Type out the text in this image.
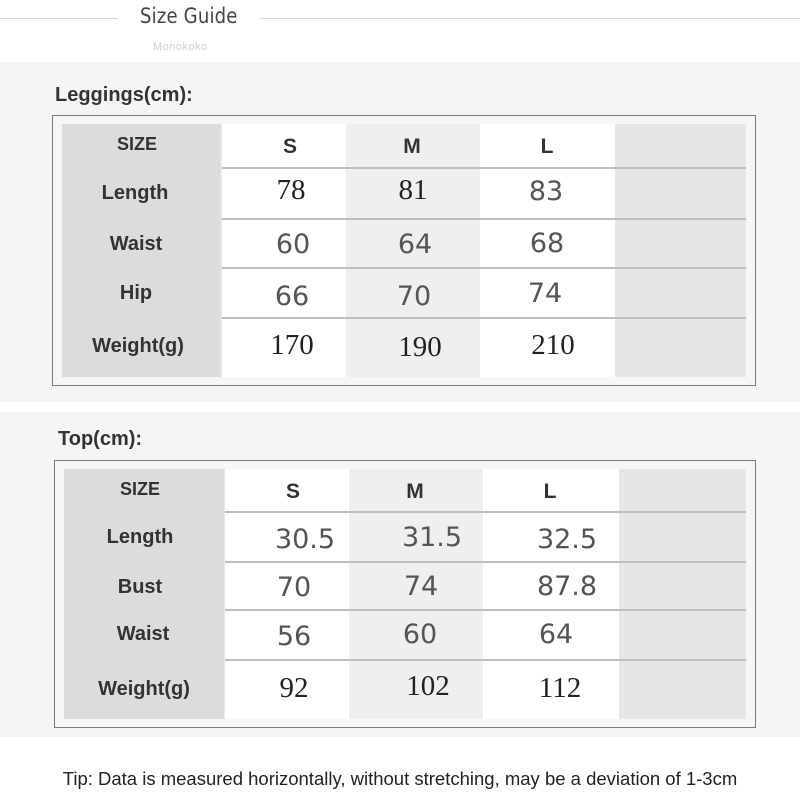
Size Guide
Monokoko
Leggings(cm):
SIZE	S	M	L
Length	78	81	83
Waist	60	64	68
Hip	66	70	74
Weight(g)	170	190	210
Top(cm):
SIZE	S	M	L
Length	30.5	31.5	32.5
Bust	70	74	87.8
Waist	56	60	64
Weight(g)	92	102	112
Tip: Data is measured horizontally, without stretching, may be a deviation of 1-3cm
